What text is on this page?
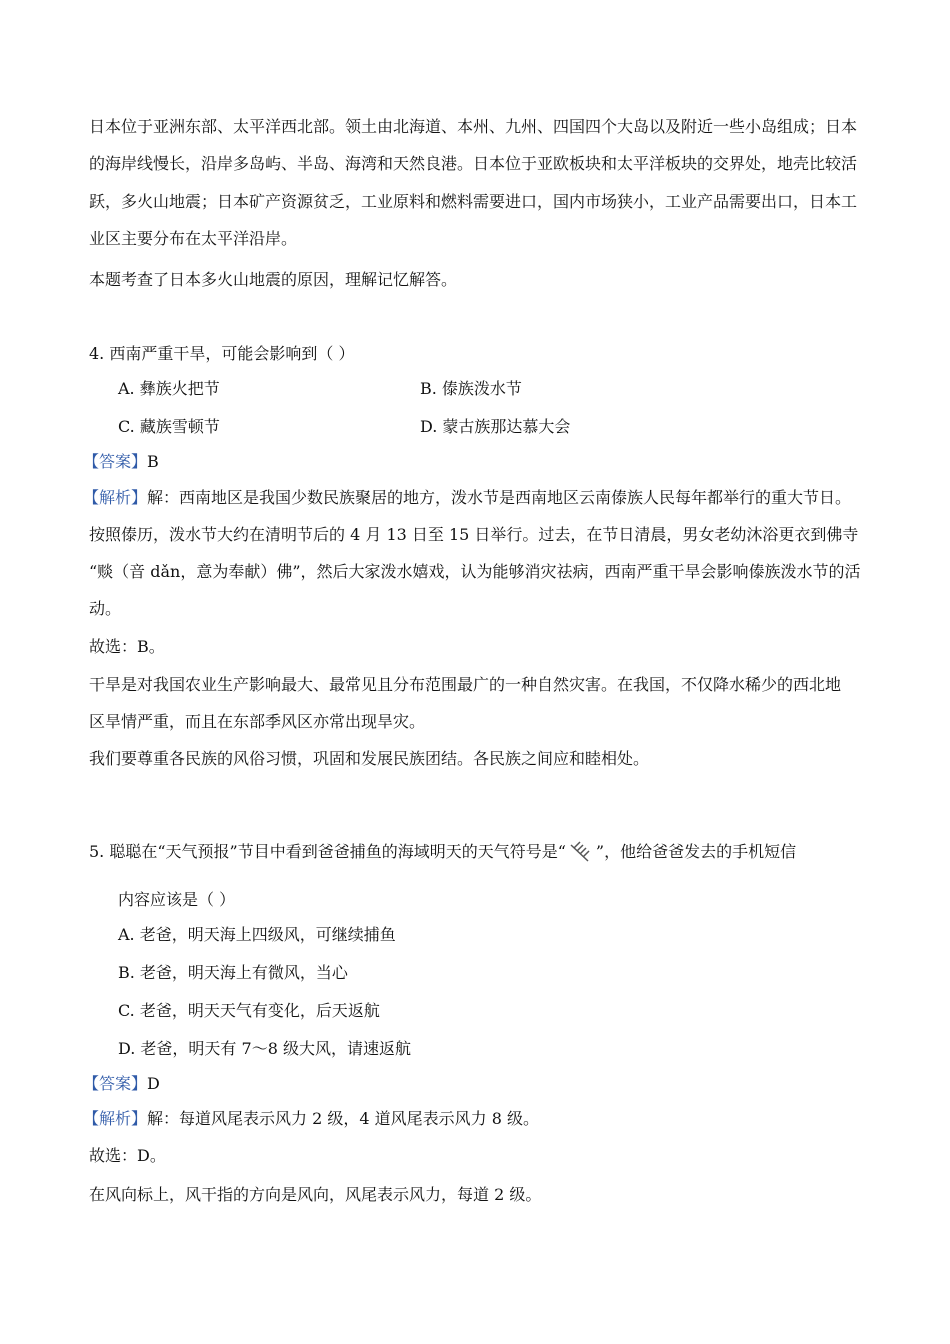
日本位于亚洲东部、太平洋西北部。领土由北海道、本州、九州、四国四个大岛以及附近一些小岛组成；日本
的海岸线慢长，沿岸多岛屿、半岛、海湾和天然良港。日本位于亚欧板块和太平洋板块的交界处，地壳比较活
跃，多火山地震；日本矿产资源贫乏，工业原料和燃料需要进口，国内市场狭小，工业产品需要出口，日本工
业区主要分布在太平洋沿岸。
本题考查了日本多火山地震的原因，理解记忆解答。
4. 西南严重干旱，可能会影响到（ ）
A. 彝族火把节	B. 傣族泼水节
C. 藏族雪顿节	D. 蒙古族那达慕大会
【答案】B
【解析】解：西南地区是我国少数民族聚居的地方，泼水节是西南地区云南傣族人民每年都举行的重大节日。
按照傣历，泼水节大约在清明节后的 4 月 13 日至 15 日举行。过去，在节日清晨，男女老幼沐浴更衣到佛寺
“赕（音 dǎn，意为奉献）佛”，然后大家泼水嬉戏，认为能够消灾祛病，西南严重干旱会影响傣族泼水节的活
动。
故选：B。
干旱是对我国农业生产影响最大、最常见且分布范围最广的一种自然灾害。在我国，不仅降水稀少的西北地
区旱情严重，而且在东部季风区亦常出现旱灾。
我们要尊重各民族的风俗习惯，巩固和发展民族团结。各民族之间应和睦相处。
5. 聪聪在“天气预报”节目中看到爸爸捕鱼的海域明天的天气符号是“ ”，他给爸爸发去的手机短信
内容应该是（ ）
A. 老爸，明天海上四级风，可继续捕鱼
B. 老爸，明天海上有微风，当心
C. 老爸，明天天气有变化，后天返航
D. 老爸，明天有 7～8 级大风，请速返航
【答案】D
【解析】解：每道风尾表示风力 2 级，4 道风尾表示风力 8 级。
故选：D。
在风向标上，风干指的方向是风向，风尾表示风力，每道 2 级。
